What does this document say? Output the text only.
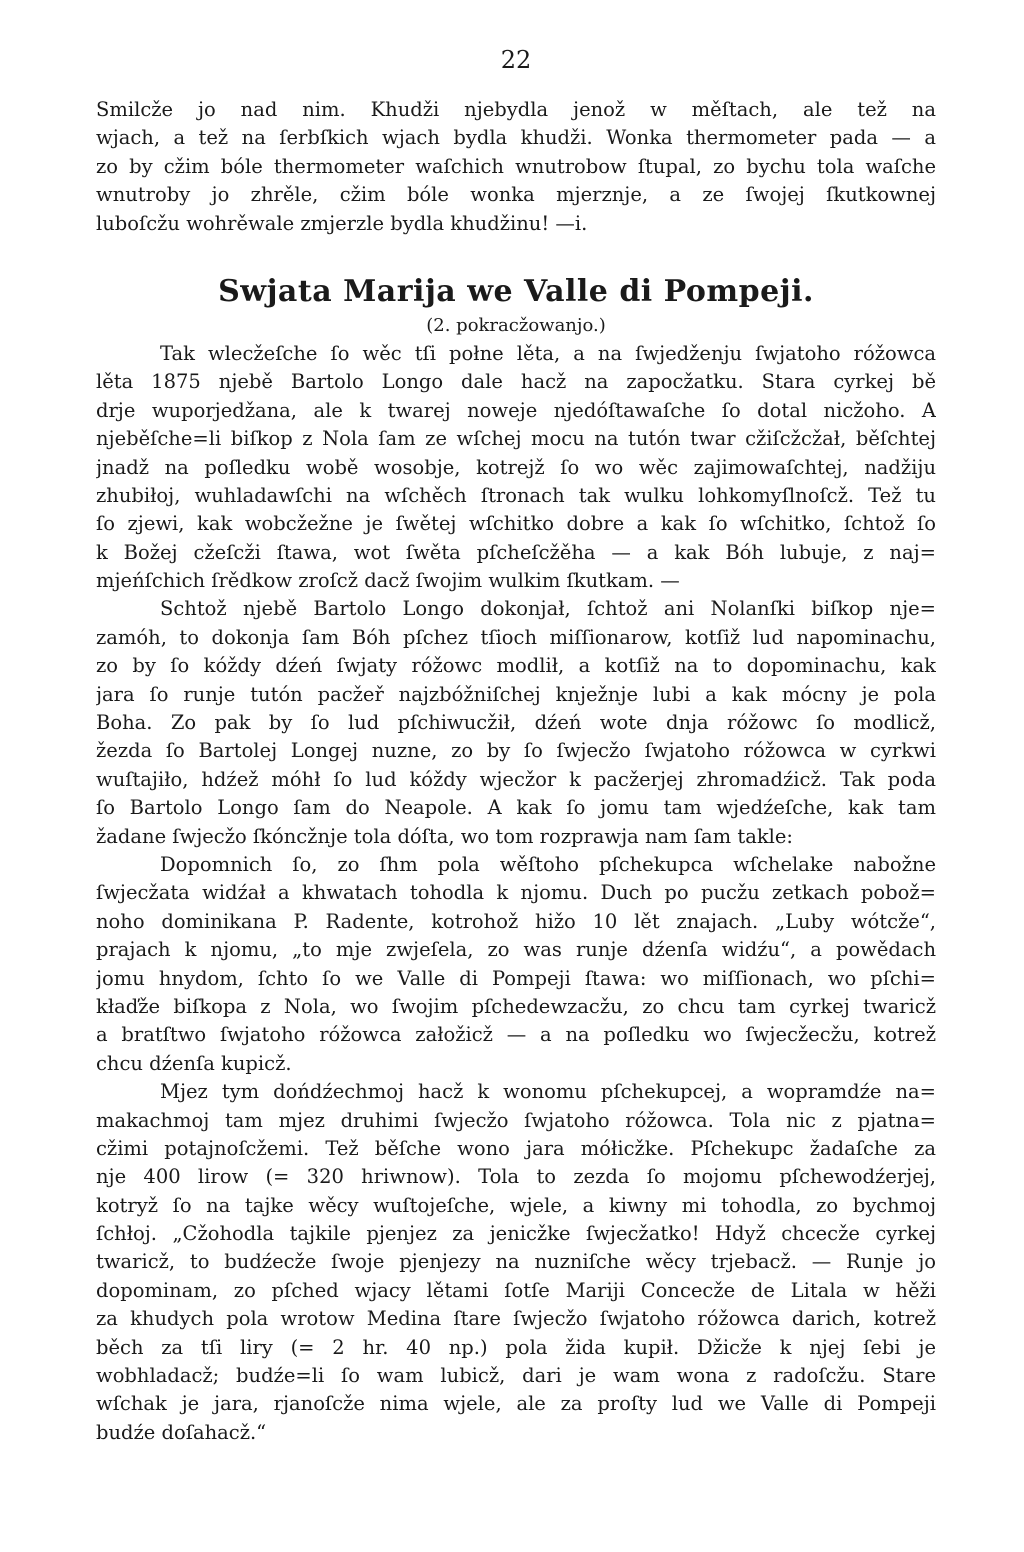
22
Smilcže jo nad nim. Khudži njebydla jenož w měſtach, ale tež na
wjach, a tež na ſerbſkich wjach bydla khudži. Wonka thermometer pada — a
zo by cžim bóle thermometer waſchich wnutrobow ſtupal, zo bychu tola waſche
wnutroby jo zhrěle, cžim bóle wonka mjerznje, a ze ſwojej ſkutkownej
luboſcžu wohrěwale zmjerzle bydla khudžinu! —i.
Swjata Marija we Valle di Pompeji.
(2. pokracžowanjo.)
Tak wlecžeſche ſo wěc tſi połne lěta, a na ſwjedženju ſwjatoho róžowca
lěta 1875 njebě Bartolo Longo dale hacž na zapocžatku. Stara cyrkej bě
drje wuporjedžana, ale k twarej noweje njedóſtawaſche ſo dotal nicžoho. A
njeběſche=li biſkop z Nola ſam ze wſchej mocu na tutón twar cžiſcžcžał, běſchtej
jnadž na poſledku wobě wosobje, kotrejž ſo wo wěc zajimowaſchtej, nadžiju
zhubiłoj, wuhladawſchi na wſchěch ſtronach tak wulku lohkomyſlnoſcž. Tež tu
ſo zjewi, kak wobcžežne je ſwětej wſchitko dobre a kak ſo wſchitko, ſchtož ſo
k Božej cžeſcži ſtawa, wot ſwěta pſcheſcžěha — a kak Bóh lubuje, z naj=
mjeńſchich ſrědkow zroſcž dacž ſwojim wulkim ſkutkam. —
Schtož njebě Bartolo Longo dokonjał, ſchtož ani Nolanſki biſkop nje=
zamóh, to dokonja ſam Bóh pſchez tſioch miſſionarow, kotſiž lud napominachu,
zo by ſo kóždy dźeń ſwjaty róžowc modlił, a kotſiž na to dopominachu, kak
jara ſo runje tutón pacžeř najzbóžniſchej knježnje lubi a kak mócny je pola
Boha. Zo pak by ſo lud pſchiwucžił, dźeń wote dnja róžowc ſo modlicž,
žezda ſo Bartolej Longej nuzne, zo by ſo ſwjecžo ſwjatoho róžowca w cyrkwi
wuſtajiło, hdźež móhł ſo lud kóždy wjecžor k pacžerjej zhromadźicž. Tak poda
ſo Bartolo Longo ſam do Neapole. A kak ſo jomu tam wjedźeſche, kak tam
žadane ſwjecžo ſkóncžnje tola dóſta, wo tom rozprawja nam ſam takle:
Dopomnich ſo, zo ſhm pola wěſtoho pſchekupca wſchelake nabožne
ſwjecžata widźał a khwatach tohodla k njomu. Duch po pucžu zetkach pobož=
noho dominikana P. Radente, kotrohož hižo 10 lět znajach. „Luby wótcže“,
prajach k njomu, „to mje zwjeſela, zo was runje dźenſa widźu“, a powědach
jomu hnydom, ſchto ſo we Valle di Pompeji ſtawa: wo miſſionach, wo pſchi=
kłaďže biſkopa z Nola, wo ſwojim pſchedewzacžu, zo chcu tam cyrkej twaricž
a bratſtwo ſwjatoho róžowca załožicž — a na poſledku wo ſwjecžecžu, kotrež
chcu dźenſa kupicž.
Mjez tym dońdźechmoj hacž k wonomu pſchekupcej, a wopramdźe na=
makachmoj tam mjez druhimi ſwjecžo ſwjatoho róžowca. Tola nic z pjatna=
cžimi potajnoſcžemi. Tež běſche wono jara mółicžke. Pſchekupc žadaſche za
nje 400 lirow (= 320 hriwnow). Tola to zezda ſo mojomu pſchewodźerjej,
kotryž ſo na tajke wěcy wuſtojeſche, wjele, a kiwny mi tohodla, zo bychmoj
ſchłoj. „Cžohodla tajkile pjenjez za jenicžke ſwjecžatko! Hdyž chcecže cyrkej
twaricž, to budźecže ſwoje pjenjezy na nuzniſche wěcy trjebacž. — Runje jo
dopominam, zo pſched wjacy lětami ſotſe Mariji Concecže de Litala w hěži
za khudych pola wrotow Medina ſtare ſwjecžo ſwjatoho róžowca darich, kotrež
běch za tſi liry (= 2 hr. 40 np.) pola žida kupił. Džicže k njej ſebi je
wobhladacž; budźe=li ſo wam lubicž, dari je wam wona z radoſcžu. Stare
wſchak je jara, rjanoſcže nima wjele, ale za proſty lud we Valle di Pompeji
budźe doſahacž.“
